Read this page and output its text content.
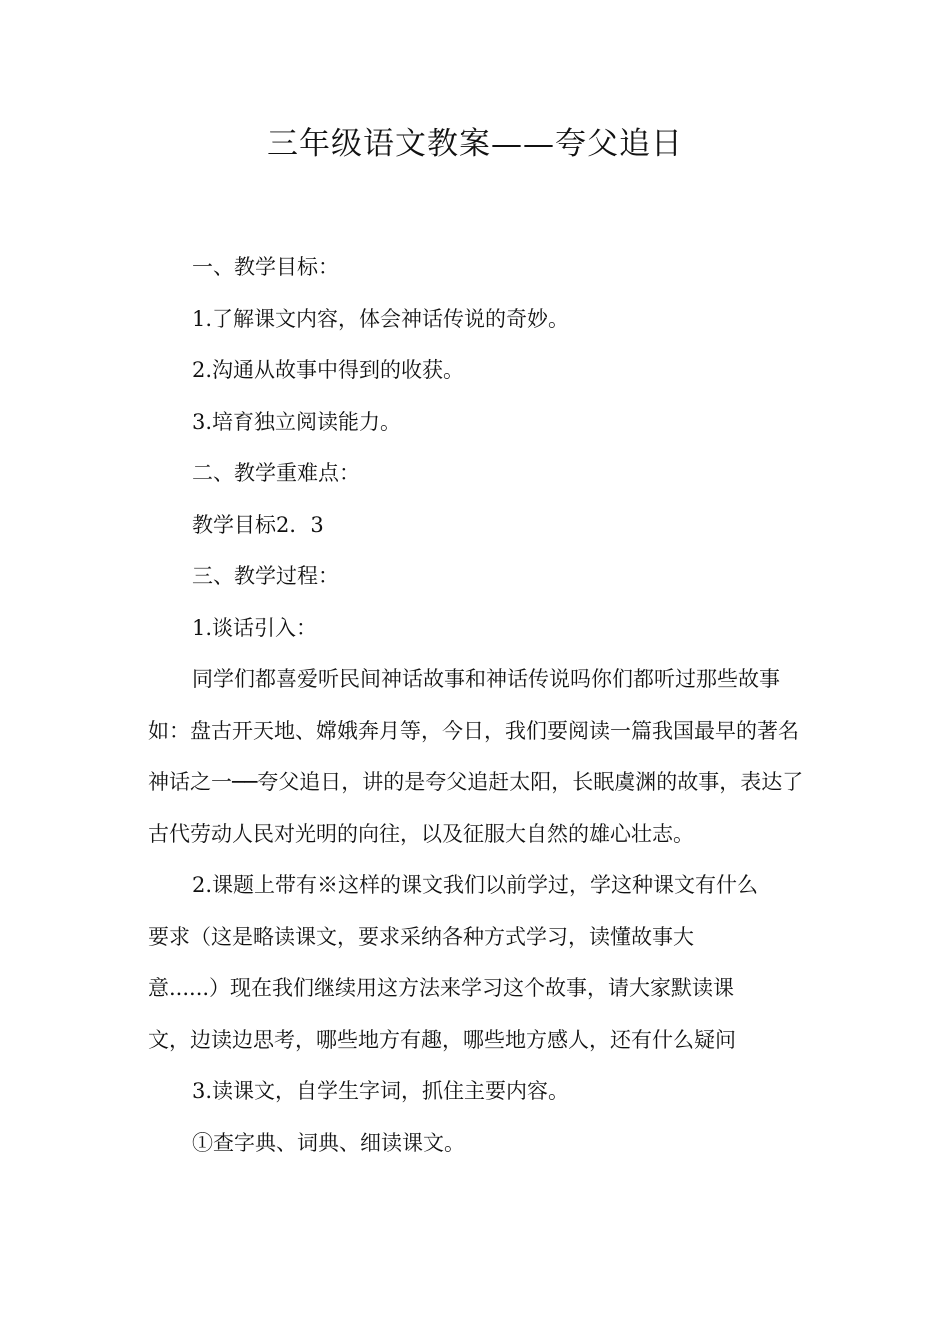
三年级语文教案——夸父追日

一、教学目标：

1.了解课文内容，体会神话传说的奇妙。

2.沟通从故事中得到的收获。

3.培育独立阅读能力。

二、教学重难点：

教学目标2．3

三、教学过程：

1.谈话引入：

同学们都喜爱听民间神话故事和神话传说吗你们都听过那些故事如：盘古开天地、嫦娥奔月等，今日，我们要阅读一篇我国最早的著名神话之一──夸父追日，讲的是夸父追赶太阳，长眠虞渊的故事，表达了古代劳动人民对光明的向往，以及征服大自然的雄心壮志。

2.课题上带有※这样的课文我们以前学过，学这种课文有什么
要求（这是略读课文，要求采纳各种方式学习，读懂故事大
意......）现在我们继续用这方法来学习这个故事，请大家默读课
文，边读边思考，哪些地方有趣，哪些地方感人，还有什么疑问

3.读课文，自学生字词，抓住主要内容。

①查字典、词典、细读课文。
